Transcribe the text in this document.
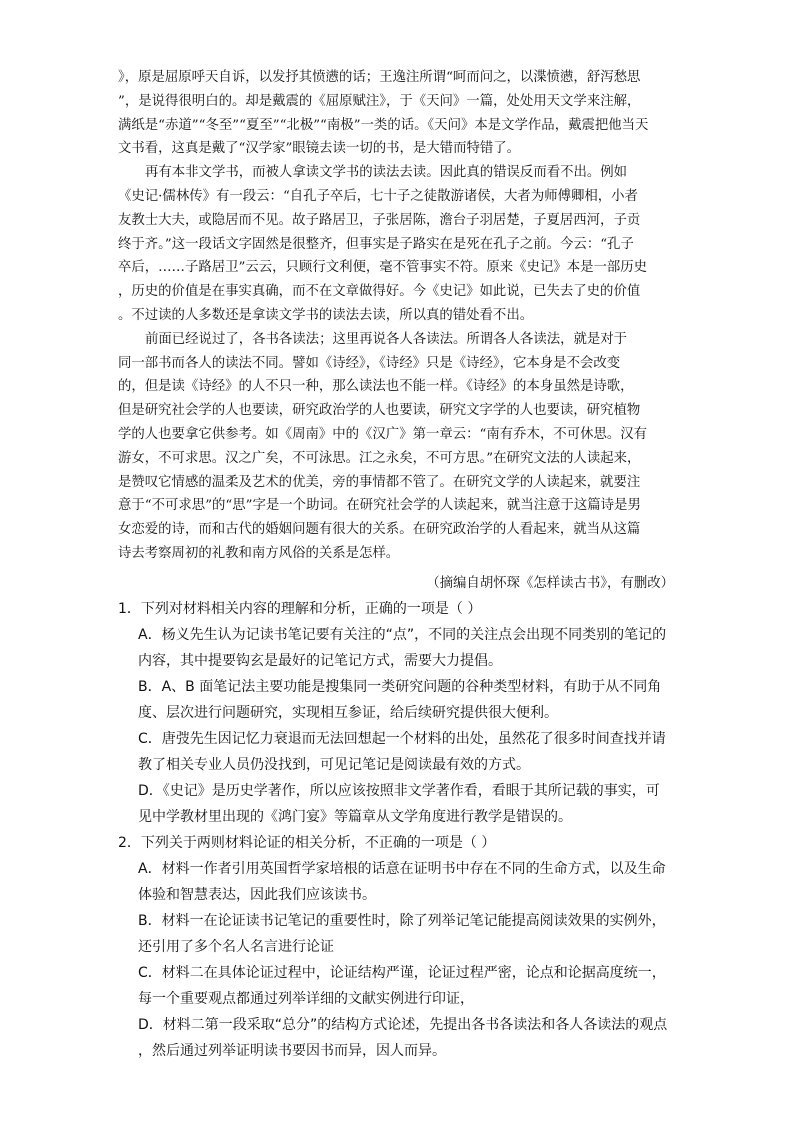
》，原是屈原呼天自诉，以发抒其愤懑的话；王逸注所谓“呵而问之，以渫愤懑，舒泻愁思
”，是说得很明白的。却是戴震的《屈原赋注》，于《天问》一篇，处处用天文学来注解，
满纸是“赤道”“冬至”“夏至”“北极”“南极”一类的话。《天问》本是文学作品，戴震把他当天
文书看，这真是戴了“汉学家”眼镜去读一切的书，是大错而特错了。
再有本非文学书，而被人拿读文学书的读法去读。因此真的错误反而看不出。例如
《史记·儒林传》有一段云：“自孔子卒后，七十子之徒散游诸侯，大者为师傅卿相，小者
友教士大夫，或隐居而不见。故子路居卫，子张居陈，澹台子羽居楚，子夏居西河，子贡
终于齐。”这一段话文字固然是很整齐，但事实是子路实在是死在孔子之前。今云：“孔子
卒后，……子路居卫”云云，只顾行文利便，毫不管事实不符。原来《史记》本是一部历史
，历史的价值是在事实真确，而不在文章做得好。今《史记》如此说，已失去了史的价值
。不过读的人多数还是拿读文学书的读法去读，所以真的错处看不出。
前面已经说过了，各书各读法；这里再说各人各读法。所谓各人各读法，就是对于
同一部书而各人的读法不同。譬如《诗经》，《诗经》只是《诗经》，它本身是不会改变
的，但是读《诗经》的人不只一种，那么读法也不能一样。《诗经》的本身虽然是诗歌，
但是研究社会学的人也要读，研究政治学的人也要读，研究文字学的人也要读，研究植物
学的人也要拿它供参考。如《周南》中的《汉广》第一章云：“南有乔木，不可休思。汉有
游女，不可求思。汉之广矣，不可泳思。江之永矣，不可方思。”在研究文法的人读起来，
是赞叹它情感的温柔及艺术的优美，旁的事情都不管了。在研究文学的人读起来，就要注
意于“不可求思”的“思”字是一个助词。在研究社会学的人读起来，就当注意于这篇诗是男
女恋爱的诗，而和古代的婚姻问题有很大的关系。在研究政治学的人看起来，就当从这篇
诗去考察周初的礼教和南方风俗的关系是怎样。
（摘编自胡怀琛《怎样读古书》，有删改）
1．下列对材料相关内容的理解和分析，正确的一项是（ ）
A．杨义先生认为记读书笔记要有关注的“点”，不同的关注点会出现不同类别的笔记的
内容，其中提要钩玄是最好的记笔记方式，需要大力提倡。
B．A、B 面笔记法主要功能是搜集同一类研究问题的谷种类型材料，有助于从不同角
度、层次进行问题研究，实现相互参证，给后续研究提供很大便利。
C．唐弢先生因记忆力衰退而无法回想起一个材料的出处，虽然花了很多时间查找并请
教了相关专业人员仍没找到，可见记笔记是阅读最有效的方式。
D．《史记》是历史学著作，所以应该按照非文学著作看，看眼于其所记载的事实，可
见中学教材里出现的《鸿门宴》等篇章从文学角度进行教学是错误的。
2．下列关于两则材料论证的相关分析，不正确的一项是（ ）
A．材料一作者引用英国哲学家培根的话意在证明书中存在不同的生命方式，以及生命
体验和智慧表达，因此我们应该读书。
B．材料一在论证读书记笔记的重要性时，除了列举记笔记能提高阅读效果的实例外，
还引用了多个名人名言进行论证
C．材料二在具体论证过程中，论证结构严谨，论证过程严密，论点和论据高度统一，
每一个重要观点都通过列举详细的文献实例进行印证，
D．材料二第一段采取“总分”的结构方式论述，先提出各书各读法和各人各读法的观点
，然后通过列举证明读书要因书而异，因人而异。
